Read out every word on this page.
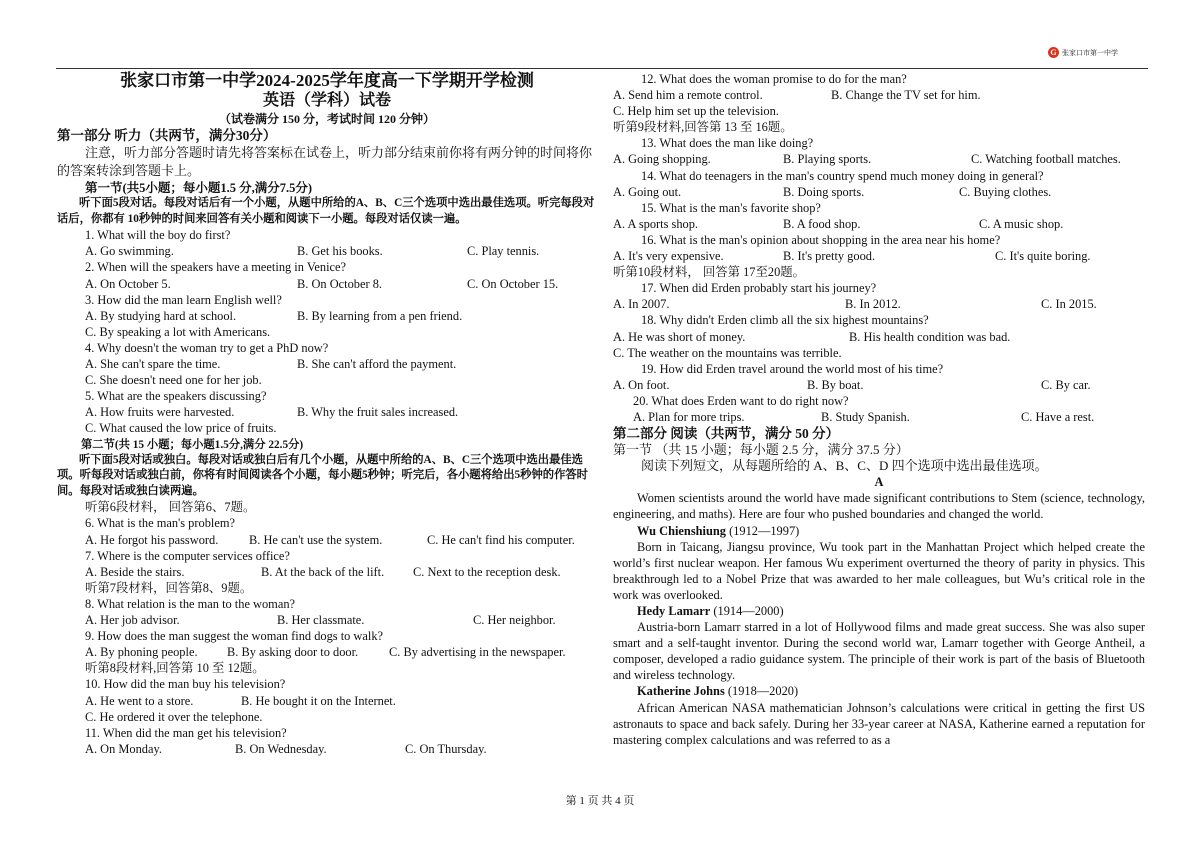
G 张家口市第一中学
张家口市第一中学2024-2025学年度高一下学期开学检测
英语（学科）试卷
（试卷满分 150 分，考试时间 120 分钟）
第一部分 听力（共两节，满分30分）
注意，听力部分答题时请先将答案标在试卷上，听力部分结束前你将有两分钟的时间将你的答案转涂到答题卡上。
第一节(共5小题；每小题1.5 分,满分7.5分)
听下面5段对话。每段对话后有一个小题，从题中所给的A、B、C三个选项中选出最佳选项。听完每段对话后，你都有 10秒钟的时间来回答有关小题和阅读下一小题。每段对话仅读一遍。
1. What will the boy do first?
A. Go swimming.	B. Get his books.	C. Play tennis.
2. When will the speakers have a meeting in Venice?
A. On October 5.	B. On October 8.	C. On October 15.
3. How did the man learn English well?
A. By studying hard at school.	B. By learning from a pen friend.
C. By speaking a lot with Americans.
4. Why doesn't the woman try to get a PhD now?
A. She can't spare the time.	B. She can't afford the payment.
C. She doesn't need one for her job.
5. What are the speakers discussing?
A. How fruits were harvested.	B. Why the fruit sales increased.
C. What caused the low price of fruits.
第二节(共 15 小题；每小题1.5分,满分 22.5分)
听下面5段对话或独白。每段对话或独白后有几个小题，从题中所给的A、B、C三个选项中选出最佳选项。听每段对话或独白前，你将有时间阅读各个小题，每小题5秒钟；听完后，各小题将给出5秒钟的作答时间。每段对话或独白读两遍。
听第6段材料， 回答第6、7题。
6. What is the man's problem?
A. He forgot his password.	B. He can't use the system.	C. He can't find his computer.
7. Where is the computer services office?
A. Beside the stairs.	B. At the back of the lift.	C. Next to the reception desk.
听第7段材料，回答第8、9题。
8. What relation is the man to the woman?
A. Her job advisor.	B. Her classmate.	C. Her neighbor.
9. How does the man suggest the woman find dogs to walk?
A. By phoning people.	B. By asking door to door.	C. By advertising in the newspaper.
听第8段材料,回答第 10 至 12题。
10. How did the man buy his television?
A. He went to a store.	B. He bought it on the Internet.
C. He ordered it over the telephone.
11. When did the man get his television?
A. On Monday.	B. On Wednesday.	C. On Thursday.
12. What does the woman promise to do for the man?
A. Send him a remote control.	B. Change the TV set for him.
C. Help him set up the television.
听第9段材料,回答第 13 至 16题。
13. What does the man like doing?
A. Going shopping.	B. Playing sports.	C. Watching football matches.
14. What do teenagers in the man's country spend much money doing in general?
A. Going out.	B. Doing sports.	C. Buying clothes.
15. What is the man's favorite shop?
A. A sports shop.	B. A food shop.	C. A music shop.
16. What is the man's opinion about shopping in the area near his home?
A. It's very expensive.	B. It's pretty good.	C. It's quite boring.
听第10段材料， 回答第 17至20题。
17. When did Erden probably start his journey?
A. In 2007.	B. In 2012.	C. In 2015.
18. Why didn't Erden climb all the six highest mountains?
A. He was short of money.	B. His health condition was bad.
C. The weather on the mountains was terrible.
19. How did Erden travel around the world most of his time?
A. On foot.	B. By boat.	C. By car.
20. What does Erden want to do right now?
A. Plan for more trips.	B. Study Spanish.	C. Have a rest.
第二部分 阅读（共两节，满分 50 分）
第一节 （共 15 小题；每小题 2.5 分，满分 37.5 分）
阅读下列短文，从每题所给的 A、B、C、D 四个选项中选出最佳选项。
A
Women scientists around the world have made significant contributions to Stem (science, technology, engineering, and maths). Here are four who pushed boundaries and changed the world.
Wu Chienshiung (1912—1997)
Born in Taicang, Jiangsu province, Wu took part in the Manhattan Project which helped create the world’s first nuclear weapon. Her famous Wu experiment overturned the theory of parity in physics. This breakthrough led to a Nobel Prize that was awarded to her male colleagues, but Wu’s critical role in the work was overlooked.
Hedy Lamarr (1914—2000)
Austria-born Lamarr starred in a lot of Hollywood films and made great success. She was also super smart and a self-taught inventor. During the second world war, Lamarr together with George Antheil, a composer, developed a radio guidance system. The principle of their work is part of the basis of Bluetooth and wireless technology.
Katherine Johns (1918—2020)
African American NASA mathematician Johnson’s calculations were critical in getting the first US astronauts to space and back safely. During her 33-year career at NASA, Katherine earned a reputation for mastering complex calculations and was referred to as a
第 1 页 共 4 页
